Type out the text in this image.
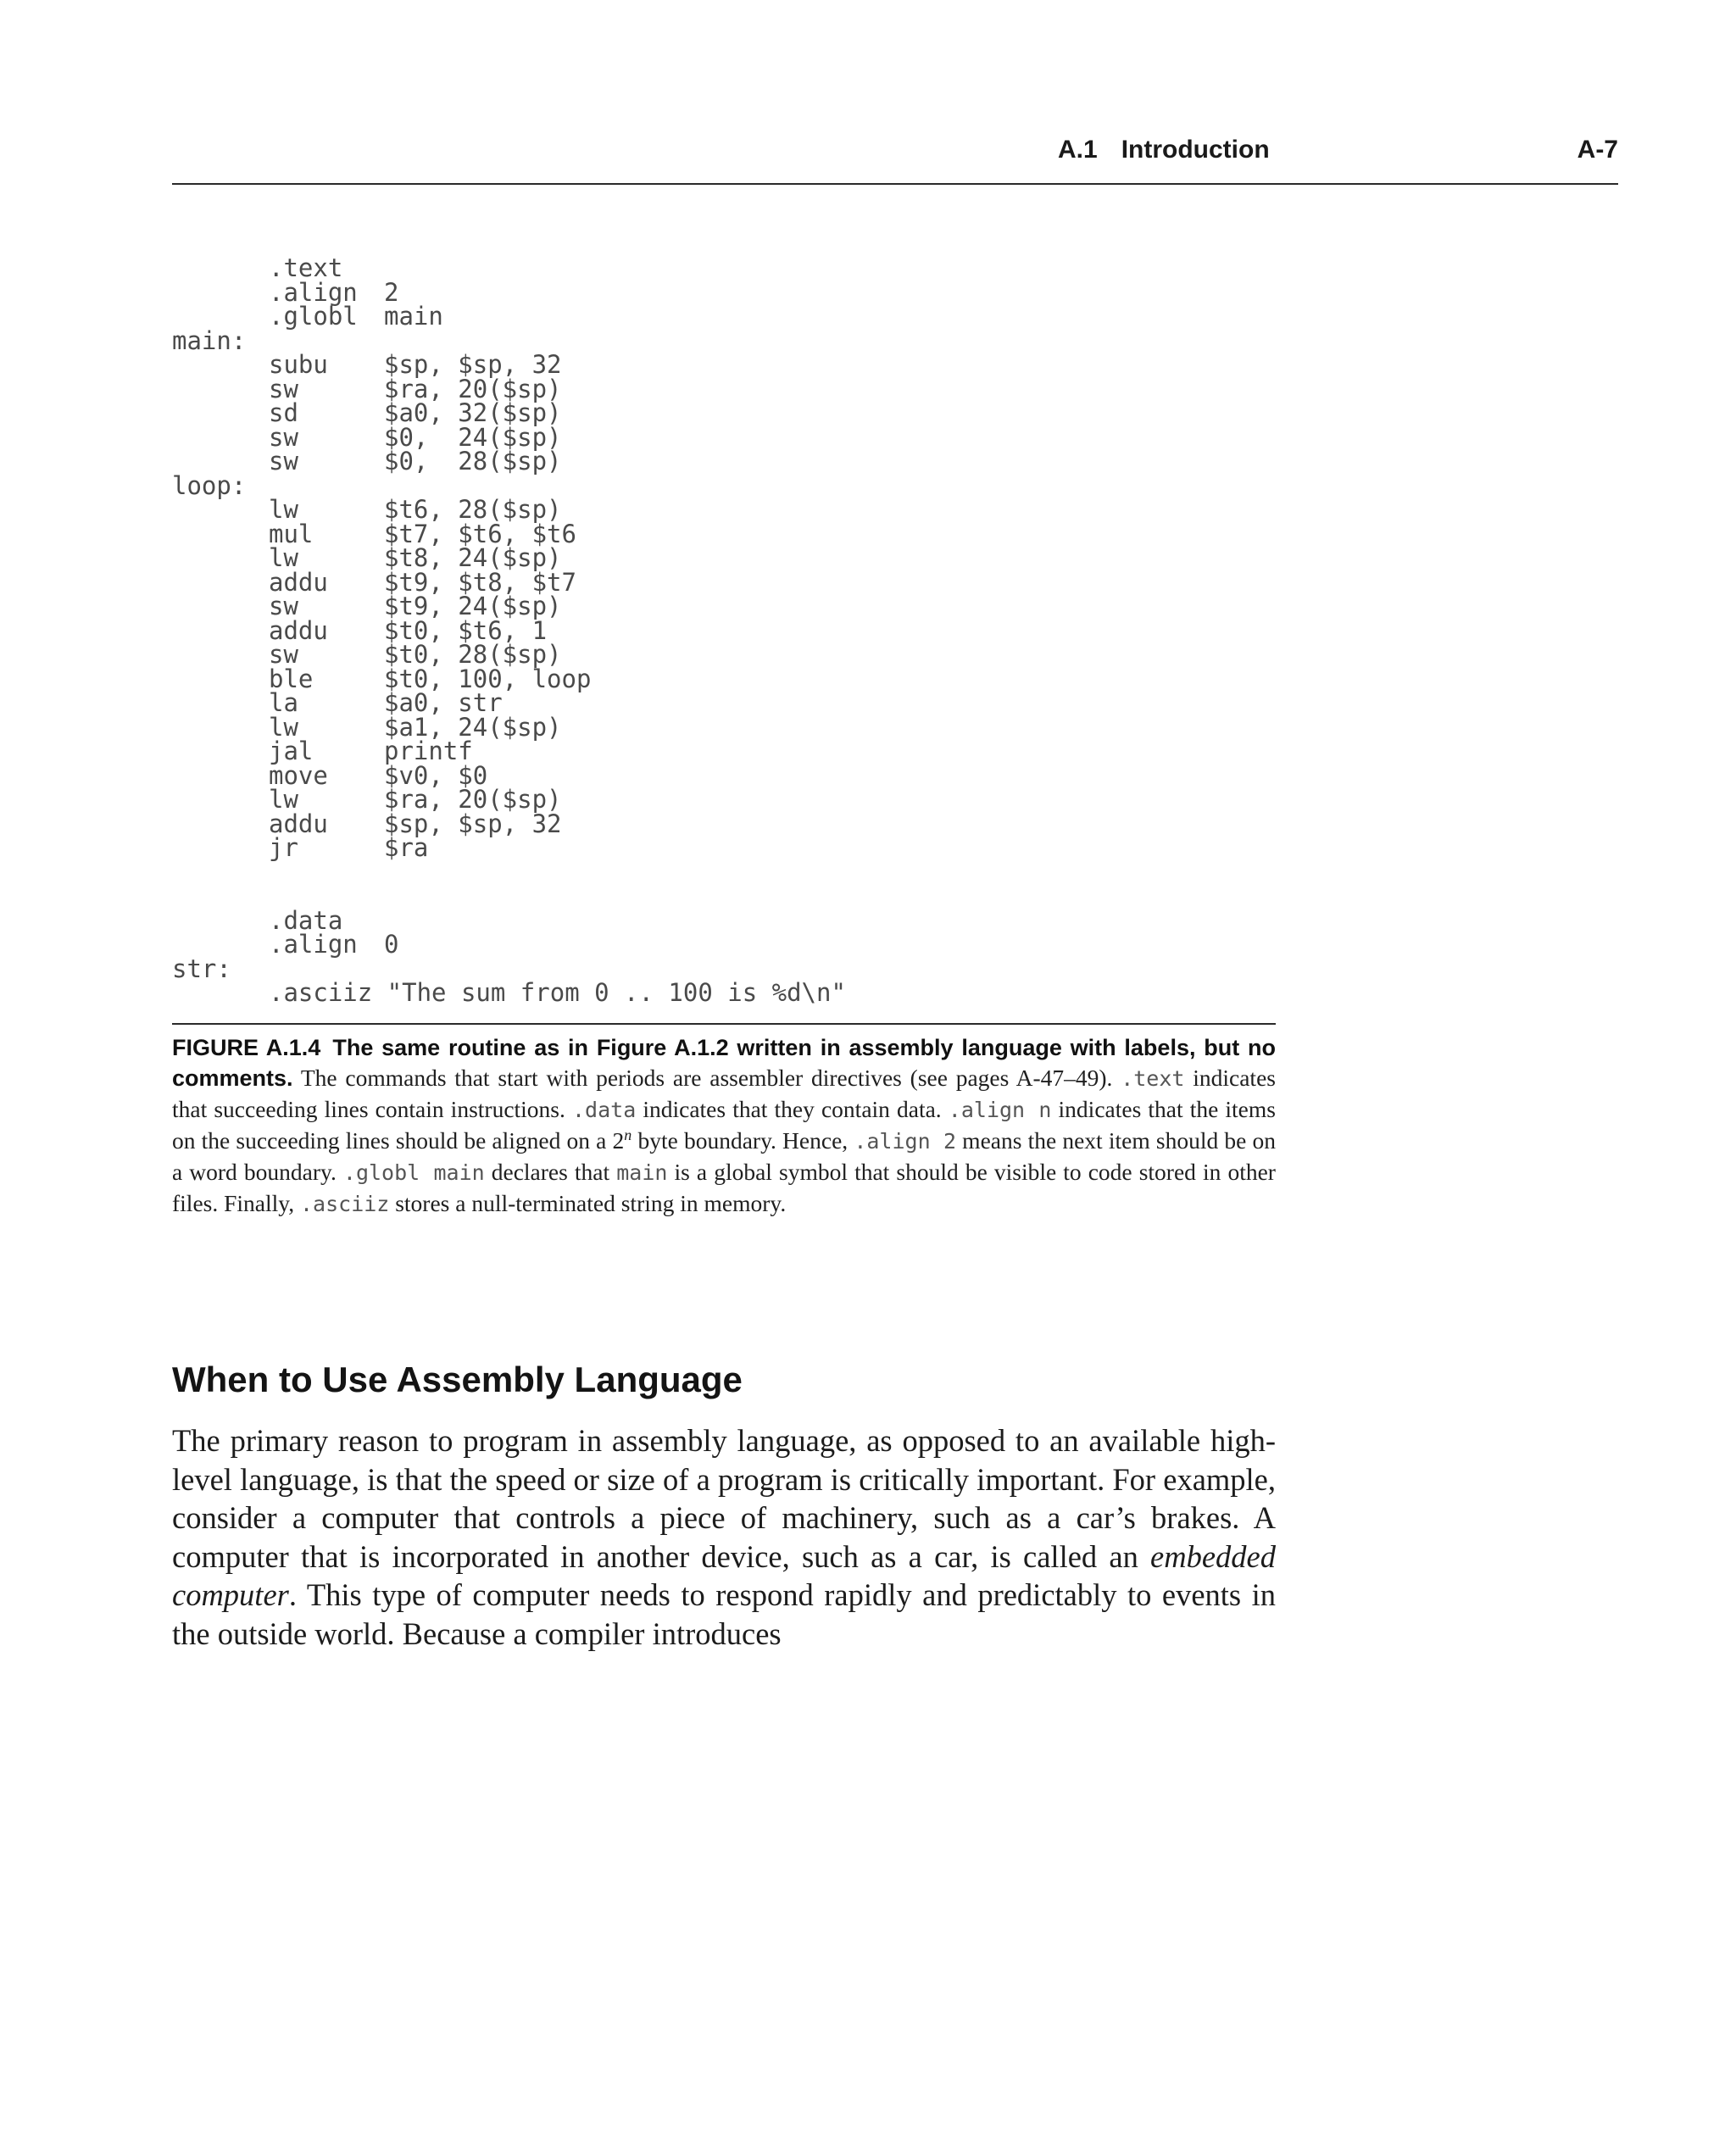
A.1 Introduction	A-7
.text
.align 2
.globl main
main:
subu $sp, $sp, 32
sw	$ra, 20($sp)
sd	$a0, 32($sp)
sw	$0,  24($sp)
sw	$0,  28($sp)
loop:
lw	$t6, 28($sp)
mul	$t7, $t6, $t6
lw	$t8, 24($sp)
addu $t9, $t8, $t7
sw	$t9, 24($sp)
addu $t0, $t6, 1
sw	$t0, 28($sp)
ble	$t0, 100, loop
la	$a0, str
lw	$a1, 24($sp)
jal	printf
move $v0, $0
lw	$ra, 20($sp)
addu $sp, $sp, 32
jr	$ra
.data
.align 0
str:
.asciiz "The sum from 0 .. 100 is %d\n"

FIGURE A.1.4 The same routine as in Figure A.1.2 written in assembly language with labels, but no comments. The commands that start with periods are assembler directives (see pages A-47–49). .text indicates that succeeding lines contain instructions. .data indicates that they contain data. .align n indicates that the items on the succeeding lines should be aligned on a 2$^n$ byte boundary. Hence, .align 2 means the next item should be on a word boundary. .globl main declares that main is a global symbol that should be visible to code stored in other files. Finally, .asciiz stores a null-terminated string in memory.

When to Use Assembly Language

The primary reason to program in assembly language, as opposed to an available high-level language, is that the speed or size of a program is critically important. For example, consider a computer that controls a piece of machinery, such as a car’s brakes. A computer that is incorporated in another device, such as a car, is called an embedded computer. This type of computer needs to respond rapidly and predictably to events in the outside world. Because a compiler introduces
